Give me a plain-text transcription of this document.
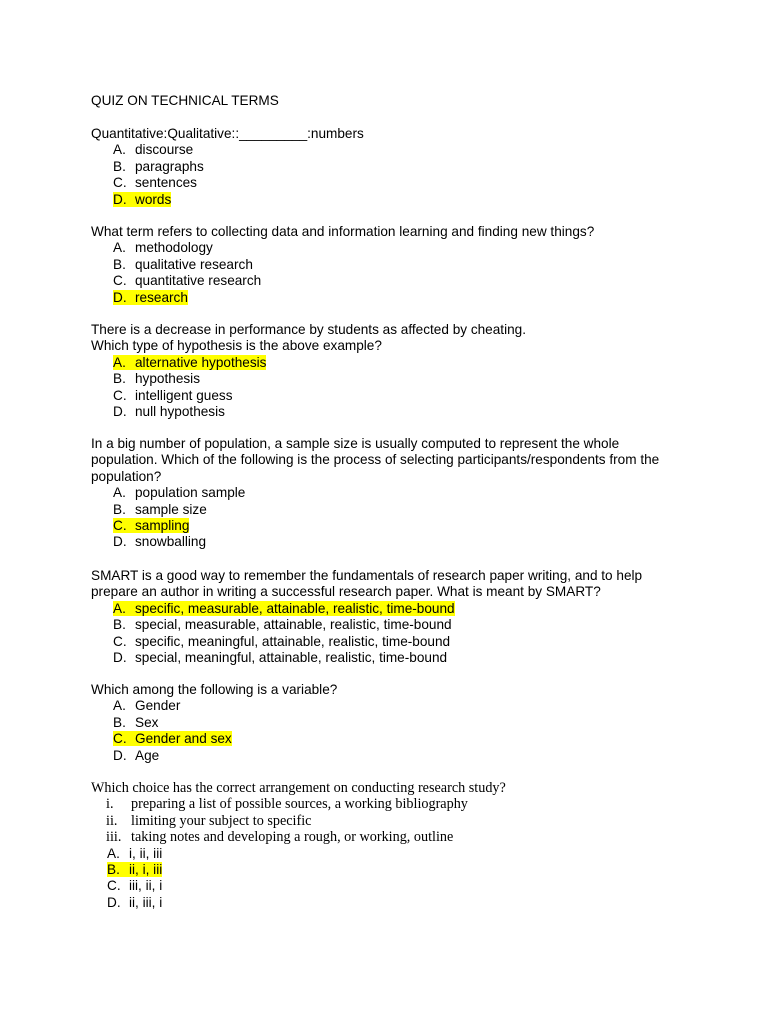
QUIZ ON TECHNICAL TERMS
Quantitative:Qualitative::_________:numbers
A. discourse
B. paragraphs
C. sentences
D. words
What term refers to collecting data and information learning and finding new things?
A. methodology
B. qualitative research
C. quantitative research
D. research
There is a decrease in performance by students as affected by cheating.
Which type of hypothesis is the above example?
A. alternative hypothesis
B. hypothesis
C. intelligent guess
D. null hypothesis
In a big number of population, a sample size is usually computed to represent the whole
population. Which of the following is the process of selecting participants/respondents from the
population?
A. population sample
B. sample size
C. sampling
D. snowballing
SMART is a good way to remember the fundamentals of research paper writing, and to help
prepare an author in writing a successful research paper. What is meant by SMART?
A. specific, measurable, attainable, realistic, time-bound
B. special, measurable, attainable, realistic, time-bound
C. specific, meaningful, attainable, realistic, time-bound
D. special, meaningful, attainable, realistic, time-bound
Which among the following is a variable?
A. Gender
B. Sex
C. Gender and sex
D. Age
Which choice has the correct arrangement on conducting research study?
i. preparing a list of possible sources, a working bibliography
ii. limiting your subject to specific
iii. taking notes and developing a rough, or working, outline
A. i, ii, iii
B. ii, i, iii
C. iii, ii, i
D. ii, iii, i
